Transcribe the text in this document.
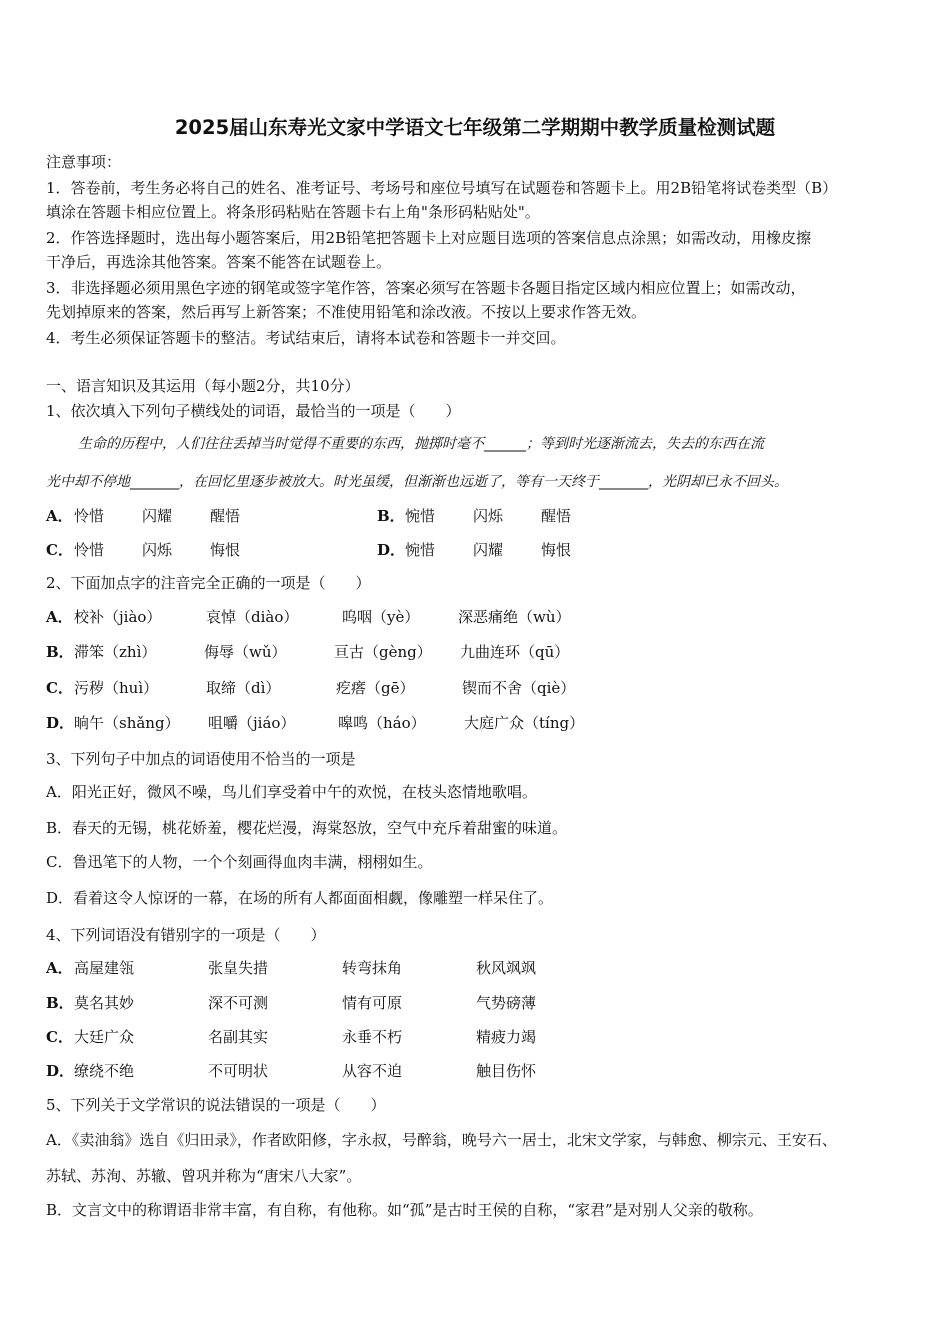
2025届山东寿光文家中学语文七年级第二学期期中教学质量检测试题
注意事项：
1．答卷前，考生务必将自己的姓名、准考证号、考场号和座位号填写在试题卷和答题卡上。用2B铅笔将试卷类型（B）
填涂在答题卡相应位置上。将条形码粘贴在答题卡右上角"条形码粘贴处"。
2．作答选择题时，选出每小题答案后，用2B铅笔把答题卡上对应题目选项的答案信息点涂黑；如需改动，用橡皮擦
干净后，再选涂其他答案。答案不能答在试题卷上。
3．非选择题必须用黑色字迹的钢笔或签字笔作答，答案必须写在答题卡各题目指定区域内相应位置上；如需改动，
先划掉原来的答案，然后再写上新答案；不准使用铅笔和涂改液。不按以上要求作答无效。
4．考生必须保证答题卡的整洁。考试结束后，请将本试卷和答题卡一并交回。
一、语言知识及其运用（每小题2分，共10分）
1、依次填入下列句子横线处的词语，最恰当的一项是（　　）
生命的历程中，人们往往丢掉当时觉得不重要的东西，抛掷时毫不______；等到时光逐渐流去，失去的东西在流
光中却不停地_______，在回忆里逐步被放大。时光虽缓，但渐渐也远逝了，等有一天终于_______，光阴却已永不回头。
A．怜惜	闪耀	醒悟	B．惋惜	闪烁	醒悟
C．怜惜	闪烁	悔恨	D．惋惜	闪耀	悔恨
2、下面加点字的注音完全正确的一项是（　　）
A．校补（jiào）	哀悼（diào）	呜咽（yè）	深恶痛绝（wù）
B．滞笨（zhì）	侮辱（wǔ）	亘古（gèng） 九曲连环（qū）
C．污秽（huì）	取缔（dì）	疙瘩（gē）	锲而不舍（qiè）
D．晌午（shǎng） 咀嚼（jiáo）	嗥鸣（háo）	大庭广众（tíng）
3、下列句子中加点的词语使用不恰当的一项是
A．阳光正好，微风不噪，鸟儿们享受着中午的欢悦，在枝头恣情地歌唱。
B．春天的无锡，桃花娇羞，樱花烂漫，海棠怒放，空气中充斥着甜蜜的味道。
C．鲁迅笔下的人物，一个个刻画得血肉丰满，栩栩如生。
D．看着这令人惊讶的一幕，在场的所有人都面面相觑，像雕塑一样呆住了。
4、下列词语没有错别字的一项是（　　）
A．高屋建瓴	张皇失措	转弯抹角	秋风飒飒
B．莫名其妙	深不可测	情有可原	气势磅薄
C．大廷广众	名副其实	永垂不朽	精疲力竭
D．缭绕不绝	不可明状	从容不迫	触目伤怀
5、下列关于文学常识的说法错误的一项是（　　）
A．《卖油翁》选自《归田录》，作者欧阳修，字永叔，号醉翁，晚号六一居士，北宋文学家，与韩愈、柳宗元、王安石、
苏轼、苏洵、苏辙、曾巩并称为“唐宋八大家”。
B．文言文中的称谓语非常丰富，有自称，有他称。如“孤”是古时王侯的自称，“家君”是对别人父亲的敬称。
